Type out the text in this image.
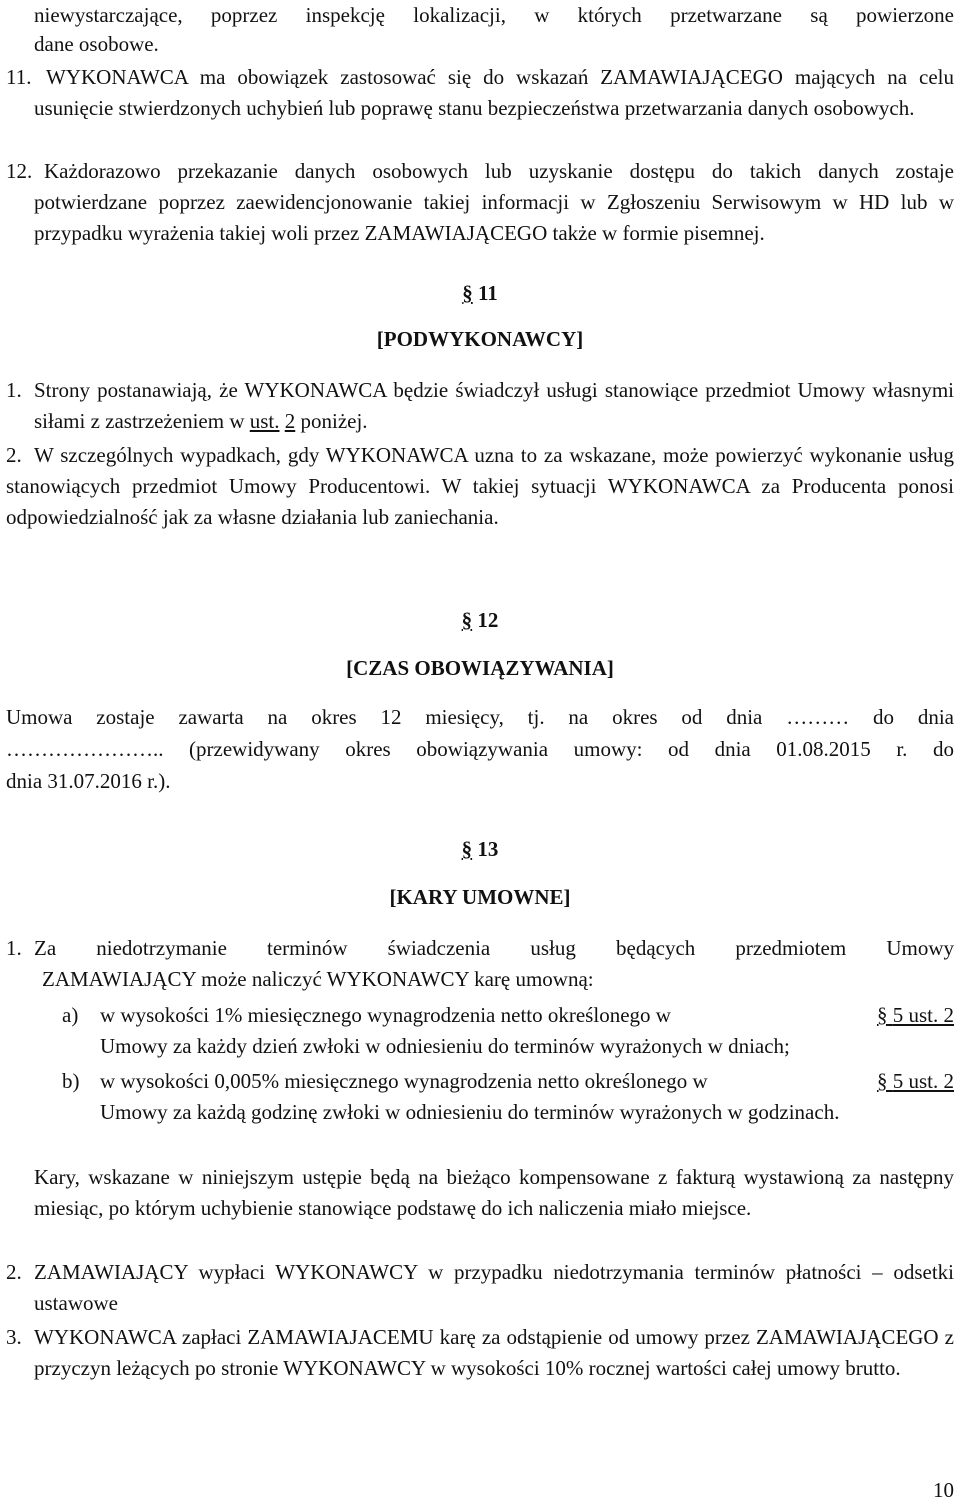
niewystarczające, poprzez inspekcję lokalizacji, w których przetwarzane są powierzone
dane osobowe.
11. WYKONAWCA ma obowiązek zastosować się do wskazań ZAMAWIAJĄCEGO mających na celu usunięcie stwierdzonych uchybień lub poprawę stanu bezpieczeństwa przetwarzania danych osobowych.

12. Każdorazowo przekazanie danych osobowych lub uzyskanie dostępu do takich danych zostaje potwierdzane poprzez zaewidencjonowanie takiej informacji w Zgłoszeniu Serwisowym w HD lub w przypadku wyrażenia takiej woli przez ZAMAWIAJĄCEGO także w formie pisemnej.

§ 11
[PODWYKONAWCY]
1. Strony postanawiają, że WYKONAWCA będzie świadczył usługi stanowiące przedmiot Umowy własnymi siłami z zastrzeżeniem w ust. 2 poniżej.

2. W szczególnych wypadkach, gdy WYKONAWCA uzna to za wskazane, może powierzyć wykonanie usług stanowiących przedmiot Umowy Producentowi. W takiej sytuacji WYKONAWCA za Producenta ponosi odpowiedzialność jak za własne działania lub zaniechania.

§ 12
[CZAS OBOWIĄZYWANIA]
Umowa zostaje zawarta na okres 12 miesięcy, tj. na okres od dnia ……… do dnia
………………….. (przewidywany okres obowiązywania umowy: od dnia 01.08.2015 r. do
dnia 31.07.2016 r.).
§ 13
[KARY UMOWNE]
1. Za niedotrzymanie terminów świadczenia usług będących przedmiotem Umowy
ZAMAWIAJĄCY może naliczyć WYKONAWCY karę umowną:
a) w wysokości 1% miesięcznego wynagrodzenia netto określonego w	§ 5 ust. 2
Umowy za każdy dzień zwłoki w odniesieniu do terminów wyrażonych w dniach;
b) w wysokości 0,005% miesięcznego wynagrodzenia netto określonego w	§ 5 ust. 2

Umowy za każdą godzinę zwłoki w odniesieniu do terminów wyrażonych w godzinach.

Kary, wskazane w niniejszym ustępie będą na bieżąco kompensowane z fakturą wystawioną za następny miesiąc, po którym uchybienie stanowiące podstawę do ich naliczenia miało miejsce.

2. ZAMAWIAJĄCY wypłaci WYKONAWCY w przypadku niedotrzymania terminów płatności – odsetki ustawowe

3. WYKONAWCA zapłaci ZAMAWIAJACEMU karę za odstąpienie od umowy przez ZAMAWIAJĄCEGO z przyczyn leżących po stronie WYKONAWCY w wysokości 10% rocznej wartości całej umowy brutto.

10
